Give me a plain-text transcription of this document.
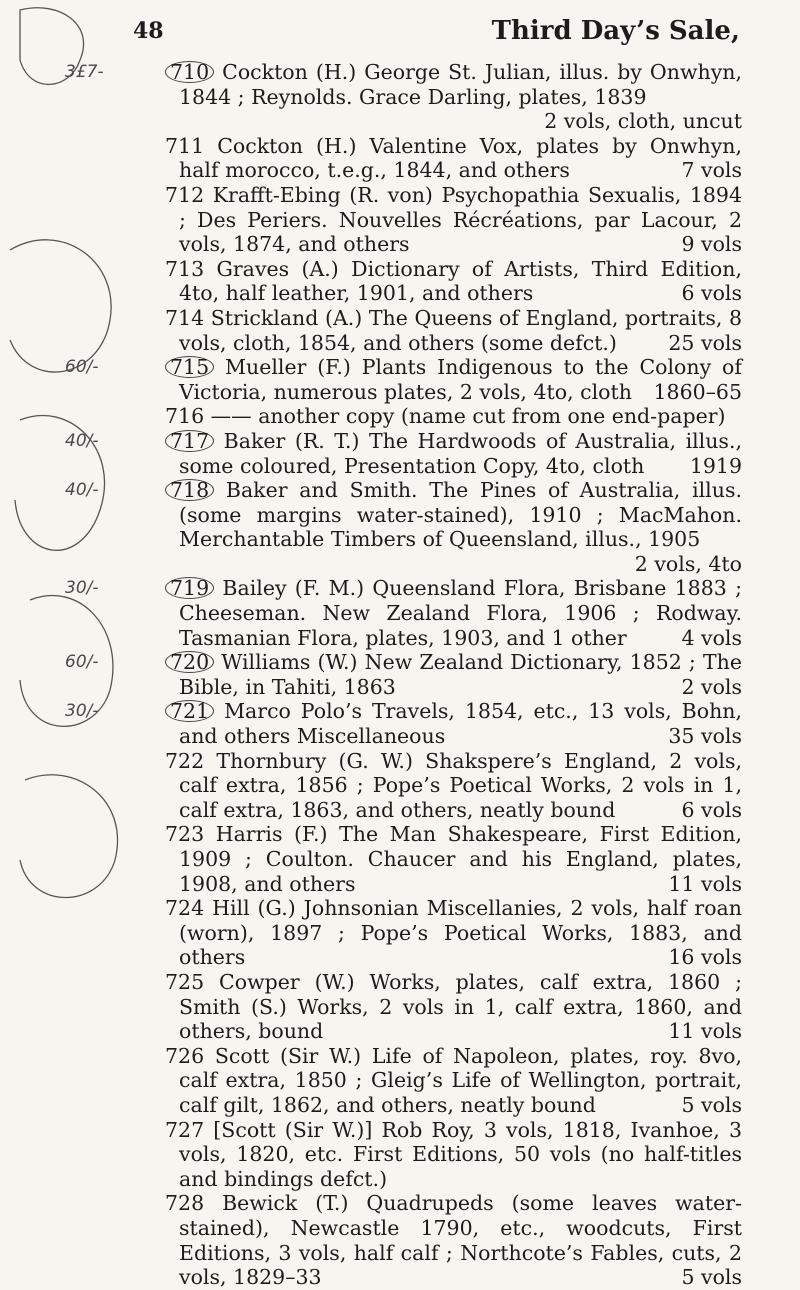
48	Third Day’s Sale,
3£7-	710 Cockton (H.) George St. Julian, illus. by Onwhyn, 1844 ; Reynolds. Grace Darling, plates, 1839
2 vols, cloth, uncut
711 Cockton (H.) Valentine Vox, plates by Onwhyn, half morocco, t.e.g., 1844, and others	7 vols
712 Krafft-Ebing (R. von) Psychopathia Sexualis, 1894 ; Des Periers. Nouvelles Récréations, par Lacour, 2 vols, 1874, and others	9 vols
713 Graves (A.) Dictionary of Artists, Third Edition, 4to, half leather, 1901, and others	6 vols
714 Strickland (A.) The Queens of England, portraits, 8 vols, cloth, 1854, and others (some defct.)	25 vols
60/-	715 Mueller (F.) Plants Indigenous to the Colony of Victoria, numerous plates, 2 vols, 4to, cloth 1860–65
716 —— another copy (name cut from one end-paper)
40/-	717 Baker (R. T.) The Hardwoods of Australia, illus., some coloured, Presentation Copy, 4to, cloth 1919
40/-	718 Baker and Smith. The Pines of Australia, illus. (some margins water-stained), 1910 ; MacMahon. Merchantable Timbers of Queensland, illus., 1905
2 vols, 4to
30/-	719 Bailey (F. M.) Queensland Flora, Brisbane 1883 ; Cheeseman. New Zealand Flora, 1906 ; Rodway. Tasmanian Flora, plates, 1903, and 1 other	4 vols
60/-	720 Williams (W.) New Zealand Dictionary, 1852 ; The Bible, in Tahiti, 1863	2 vols
30/-	721 Marco Polo’s Travels, 1854, etc., 13 vols, Bohn, and others Miscellaneous	35 vols
722 Thornbury (G. W.) Shakspere’s England, 2 vols, calf extra, 1856 ; Pope’s Poetical Works, 2 vols in 1, calf extra, 1863, and others, neatly bound	6 vols
723 Harris (F.) The Man Shakespeare, First Edition, 1909 ; Coulton. Chaucer and his England, plates, 1908, and others	11 vols
724 Hill (G.) Johnsonian Miscellanies, 2 vols, half roan (worn), 1897 ; Pope’s Poetical Works, 1883, and others	16 vols
725 Cowper (W.) Works, plates, calf extra, 1860 ; Smith (S.) Works, 2 vols in 1, calf extra, 1860, and others, bound	11 vols
726 Scott (Sir W.) Life of Napoleon, plates, roy. 8vo, calf extra, 1850 ; Gleig’s Life of Wellington, portrait, calf gilt, 1862, and others, neatly bound	5 vols
727 [Scott (Sir W.)] Rob Roy, 3 vols, 1818, Ivanhoe, 3 vols, 1820, etc. First Editions, 50 vols (no half-titles and bindings defct.)
728 Bewick (T.) Quadrupeds (some leaves water-stained), Newcastle 1790, etc., woodcuts, First Editions, 3 vols, half calf ; Northcote’s Fables, cuts, 2 vols, 1829–33	5 vols
